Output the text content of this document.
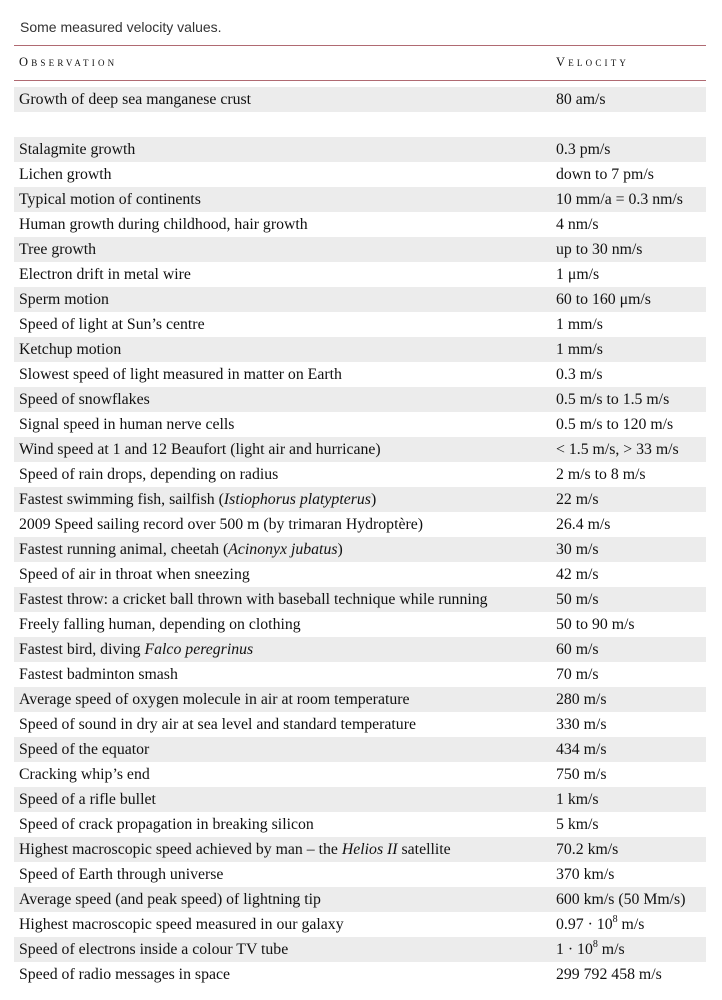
Some measured velocity values.
Observation	Velocity
Growth of deep sea manganese crust	80 am/s
Stalagmite growth	0.3 pm/s
Lichen growth	down to 7 pm/s
Typical motion of continents	10 mm/a = 0.3 nm/s
Human growth during childhood, hair growth	4 nm/s
Tree growth	up to 30 nm/s
Electron drift in metal wire	1 μm/s
Sperm motion	60 to 160 μm/s
Speed of light at Sun’s centre	1 mm/s
Ketchup motion	1 mm/s
Slowest speed of light measured in matter on Earth	0.3 m/s
Speed of snowflakes	0.5 m/s to 1.5 m/s
Signal speed in human nerve cells	0.5 m/s to 120 m/s
Wind speed at 1 and 12 Beaufort (light air and hurricane)	< 1.5 m/s, > 33 m/s
Speed of rain drops, depending on radius	2 m/s to 8 m/s
Fastest swimming fish, sailfish (Istiophorus platypterus)	22 m/s
2009 Speed sailing record over 500 m (by trimaran Hydroptère)	26.4 m/s
Fastest running animal, cheetah (Acinonyx jubatus)	30 m/s
Speed of air in throat when sneezing	42 m/s
Fastest throw: a cricket ball thrown with baseball technique while running	50 m/s
Freely falling human, depending on clothing	50 to 90 m/s
Fastest bird, diving Falco peregrinus	60 m/s
Fastest badminton smash	70 m/s
Average speed of oxygen molecule in air at room temperature	280 m/s
Speed of sound in dry air at sea level and standard temperature	330 m/s
Speed of the equator	434 m/s
Cracking whip’s end	750 m/s
Speed of a rifle bullet	1 km/s
Speed of crack propagation in breaking silicon	5 km/s
Highest macroscopic speed achieved by man – the Helios II satellite	70.2 km/s
Speed of Earth through universe	370 km/s
Average speed (and peak speed) of lightning tip	600 km/s (50 Mm/s)
Highest macroscopic speed measured in our galaxy	$0.97 \cdot 10^8$ m/s
Speed of electrons inside a colour TV tube	$1 \cdot 10^8$ m/s
Speed of radio messages in space	299 792 458 m/s
